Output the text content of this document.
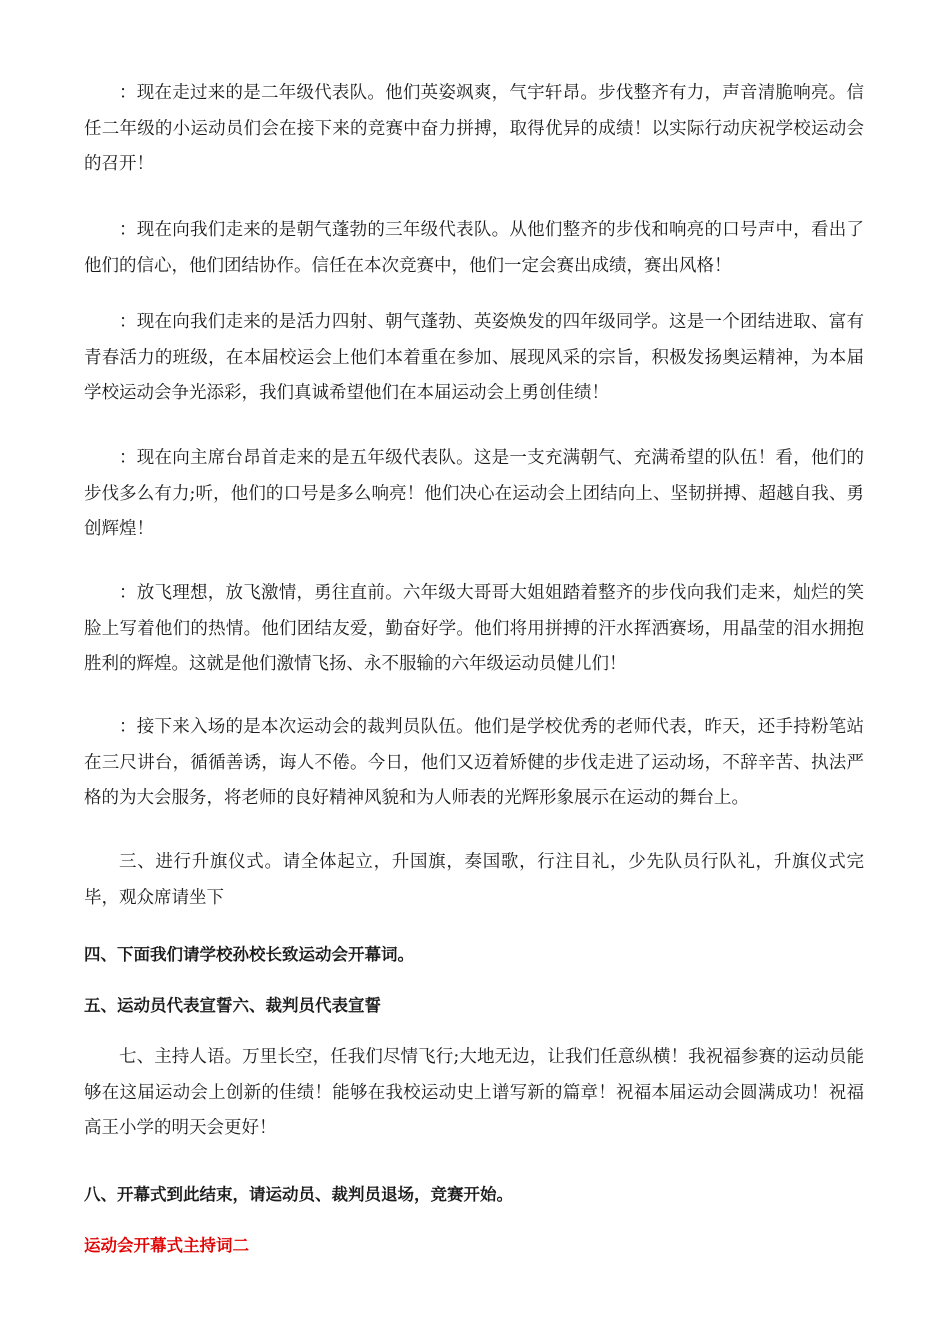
：现在走过来的是二年级代表队。他们英姿飒爽，气宇轩昂。步伐整齐有力，声音清脆响亮。信任二年级的小运动员们会在接下来的竞赛中奋力拼搏，取得优异的成绩！以实际行动庆祝学校运动会的召开！

：现在向我们走来的是朝气蓬勃的三年级代表队。从他们整齐的步伐和响亮的口号声中，看出了他们的信心，他们团结协作。信任在本次竞赛中，他们一定会赛出成绩，赛出风格！

：现在向我们走来的是活力四射、朝气蓬勃、英姿焕发的四年级同学。这是一个团结进取、富有青春活力的班级，在本届校运会上他们本着重在参加、展现风采的宗旨，积极发扬奥运精神，为本届学校运动会争光添彩，我们真诚希望他们在本届运动会上勇创佳绩！

：现在向主席台昂首走来的是五年级代表队。这是一支充满朝气、充满希望的队伍！看，他们的步伐多么有力;听，他们的口号是多么响亮！他们决心在运动会上团结向上、坚韧拼搏、超越自我、勇创辉煌！

：放飞理想，放飞激情，勇往直前。六年级大哥哥大姐姐踏着整齐的步伐向我们走来，灿烂的笑脸上写着他们的热情。他们团结友爱，勤奋好学。他们将用拼搏的汗水挥洒赛场，用晶莹的泪水拥抱胜利的辉煌。这就是他们激情飞扬、永不服输的六年级运动员健儿们！

：接下来入场的是本次运动会的裁判员队伍。他们是学校优秀的老师代表，昨天，还手持粉笔站在三尺讲台，循循善诱，诲人不倦。今日，他们又迈着矫健的步伐走进了运动场，不辞辛苦、执法严格的为大会服务，将老师的良好精神风貌和为人师表的光辉形象展示在运动的舞台上。

三、进行升旗仪式。请全体起立，升国旗，奏国歌，行注目礼，少先队员行队礼，升旗仪式完毕，观众席请坐下

四、下面我们请学校孙校长致运动会开幕词。

五、运动员代表宣誓六、裁判员代表宣誓

七、主持人语。万里长空，任我们尽情飞行;大地无边，让我们任意纵横！我祝福参赛的运动员能够在这届运动会上创新的佳绩！能够在我校运动史上谱写新的篇章！祝福本届运动会圆满成功！祝福高王小学的明天会更好！

八、开幕式到此结束，请运动员、裁判员退场，竞赛开始。

运动会开幕式主持词二
